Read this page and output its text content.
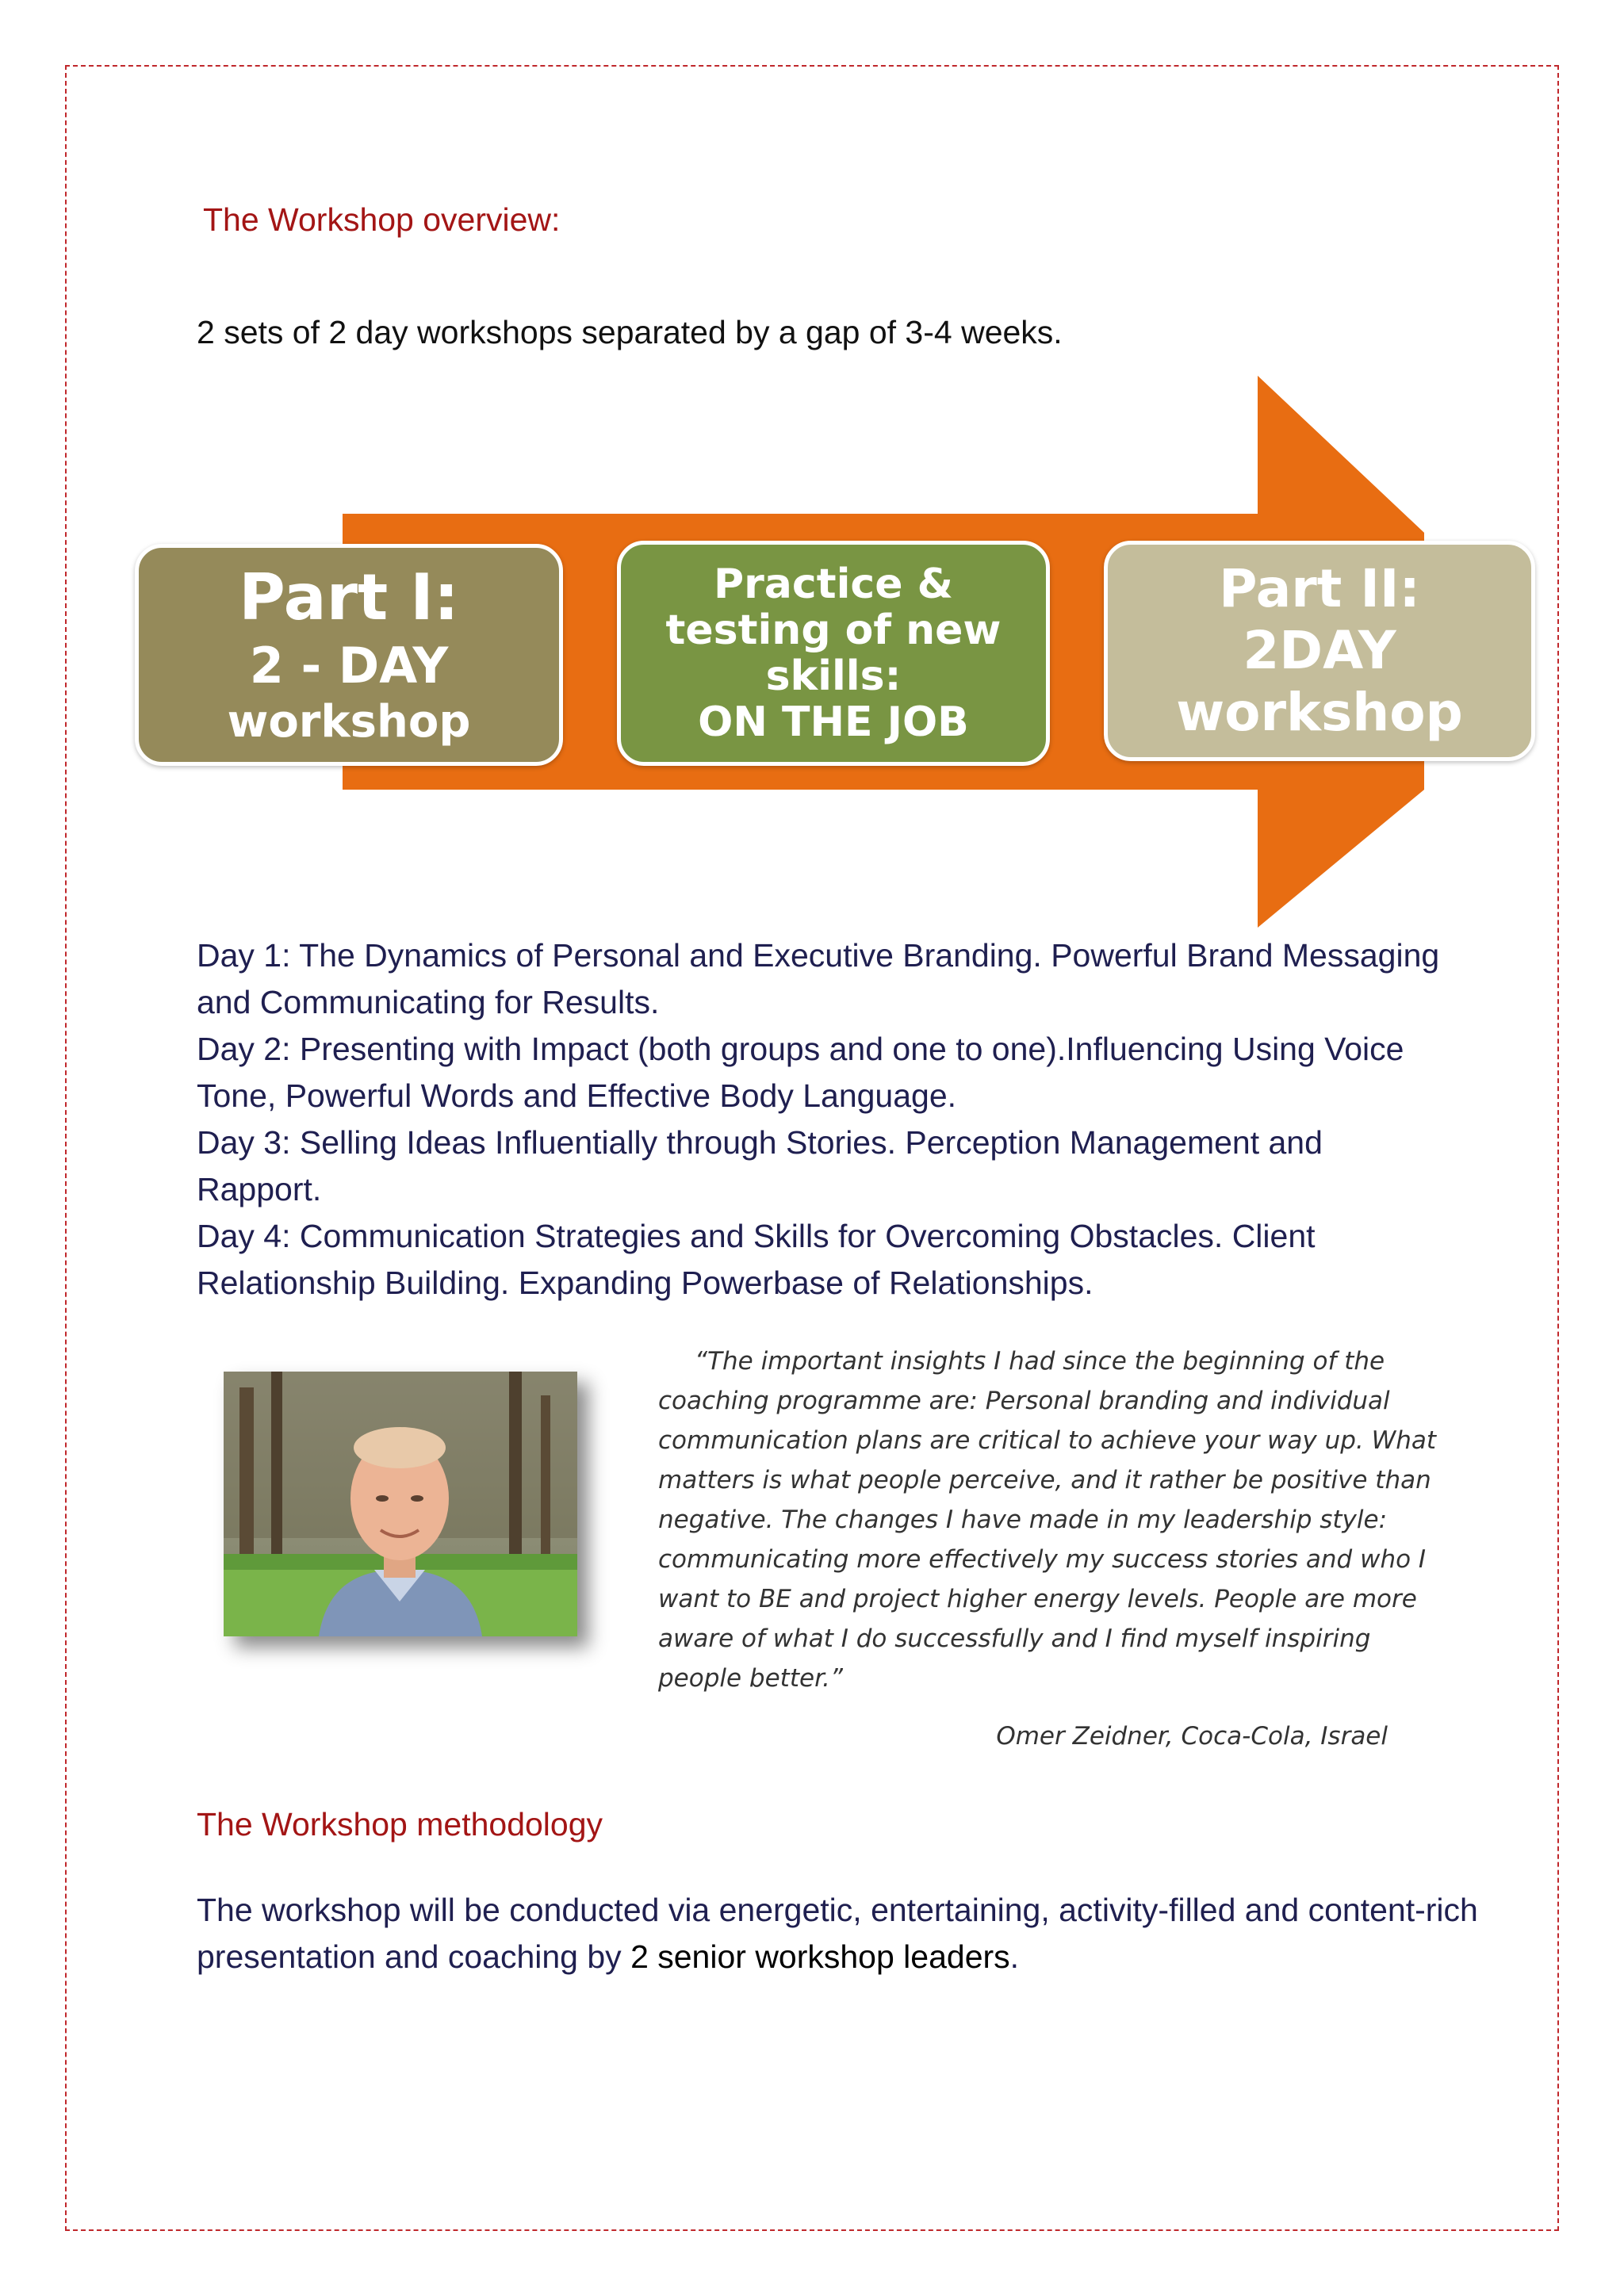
The Workshop overview:
2 sets of 2 day workshops separated by a gap of 3-4 weeks.
Part I:
2 - DAY
workshop
Practice &
testing of new
skills:
ON THE JOB
Part II:
2DAY
workshop

Day 1: The Dynamics of Personal and Executive Branding. Powerful Brand Messaging and Communicating for Results.

Day 2: Presenting with Impact (both groups and one to one).Influencing Using Voice Tone, Powerful Words and Effective Body Language.

Day 3: Selling Ideas Influentially through Stories. Perception Management and Rapport.

Day 4: Communication Strategies and Skills for Overcoming Obstacles. Client Relationship Building. Expanding Powerbase of Relationships.

“The important insights I had since the beginning of the coaching programme are: Personal branding and individual communication plans are critical to achieve your way up. What matters is what people perceive, and it rather be positive than negative. The changes I have made in my leadership style: communicating more effectively my success stories and who I want to BE and project higher energy levels. People are more aware of what I do successfully and I find myself inspiring people better.”

Omer Zeidner, Coca-Cola, Israel
The Workshop methodology

The workshop will be conducted via energetic, entertaining, activity-filled and content-rich presentation and coaching by 2 senior workshop leaders.
